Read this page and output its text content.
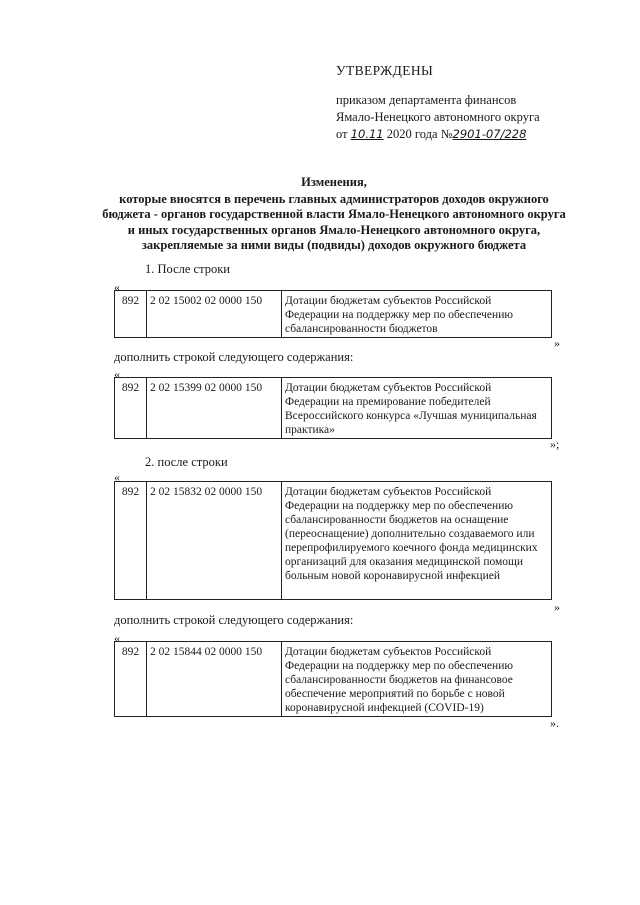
УТВЕРЖДЕНЫ
приказом департамента финансов
Ямало-Ненецкого автономного округа
от 10.11 2020 года №2901-07/228
Изменения,
которые вносятся в перечень главных администраторов доходов окружного бюджета - органов государственной власти Ямало-Ненецкого автономного округа и иных государственных органов Ямало-Ненецкого автономного округа, закрепляемые за ними виды (подвиды) доходов окружного бюджета
1. После строки
«
892	2 02 15002 02 0000 150	Дотации бюджетам субъектов Российской Федерации на поддержку мер по обеспечению сбалансированности бюджетов
»
дополнить строкой следующего содержания:
«
892	2 02 15399 02 0000 150	Дотации бюджетам субъектов Российской Федерации на премирование победителей Всероссийского конкурса «Лучшая муниципальная практика»
»;
2. после строки
«
892	2 02 15832 02 0000 150	Дотации бюджетам субъектов Российской Федерации на поддержку мер по обеспечению сбалансированности бюджетов на оснащение (переоснащение) дополнительно создаваемого или перепрофилируемого коечного фонда медицинских организаций для оказания медицинской помощи больным новой коронавирусной инфекцией
»
дополнить строкой следующего содержания:
«
892	2 02 15844 02 0000 150	Дотации бюджетам субъектов Российской Федерации на поддержку мер по обеспечению сбалансированности бюджетов на финансовое обеспечение мероприятий по борьбе с новой коронавирусной инфекцией (COVID-19)
».
